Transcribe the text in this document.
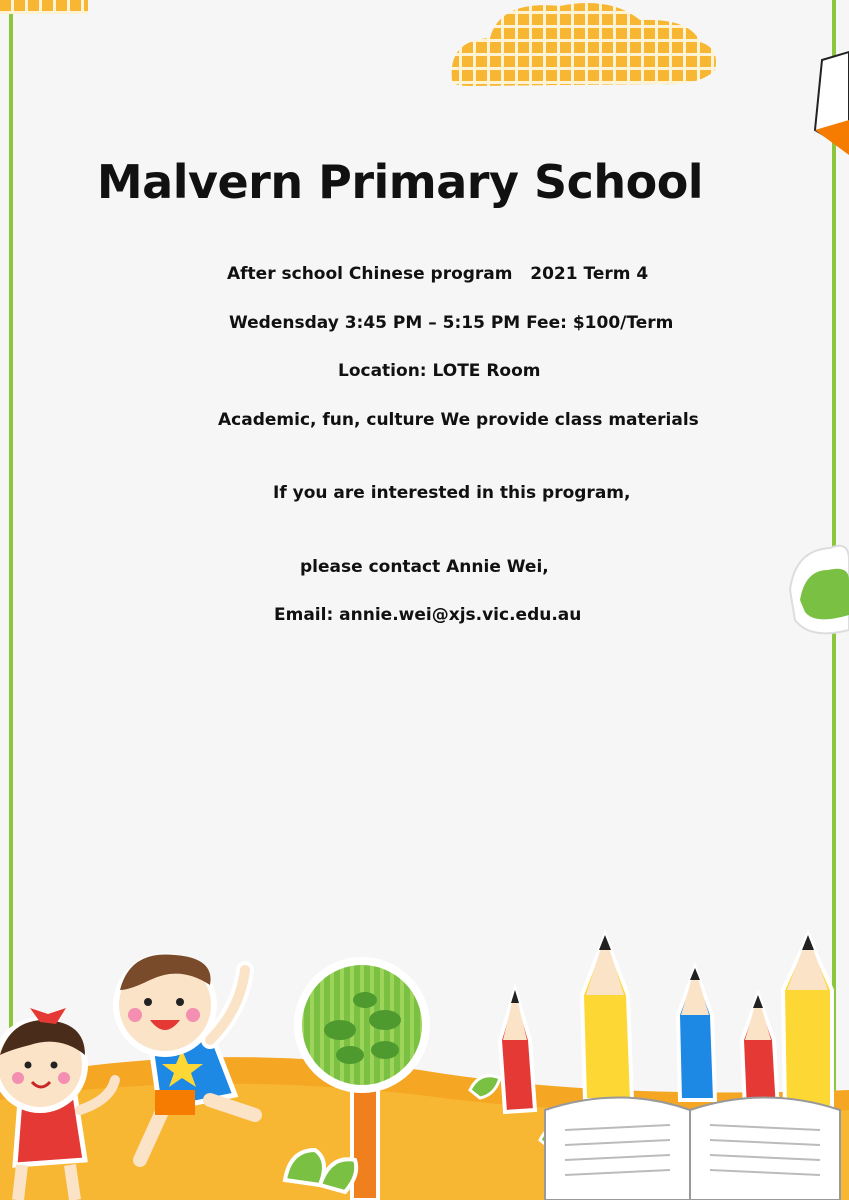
Malvern Primary School
After school Chinese program   2021 Term 4
Wedensday 3:45 PM – 5:15 PM Fee: $100/Term
Location: LOTE Room
Academic, fun, culture We provide class materials
If you are interested in this program,
please contact Annie Wei,
Email: annie.wei@xjs.vic.edu.au
